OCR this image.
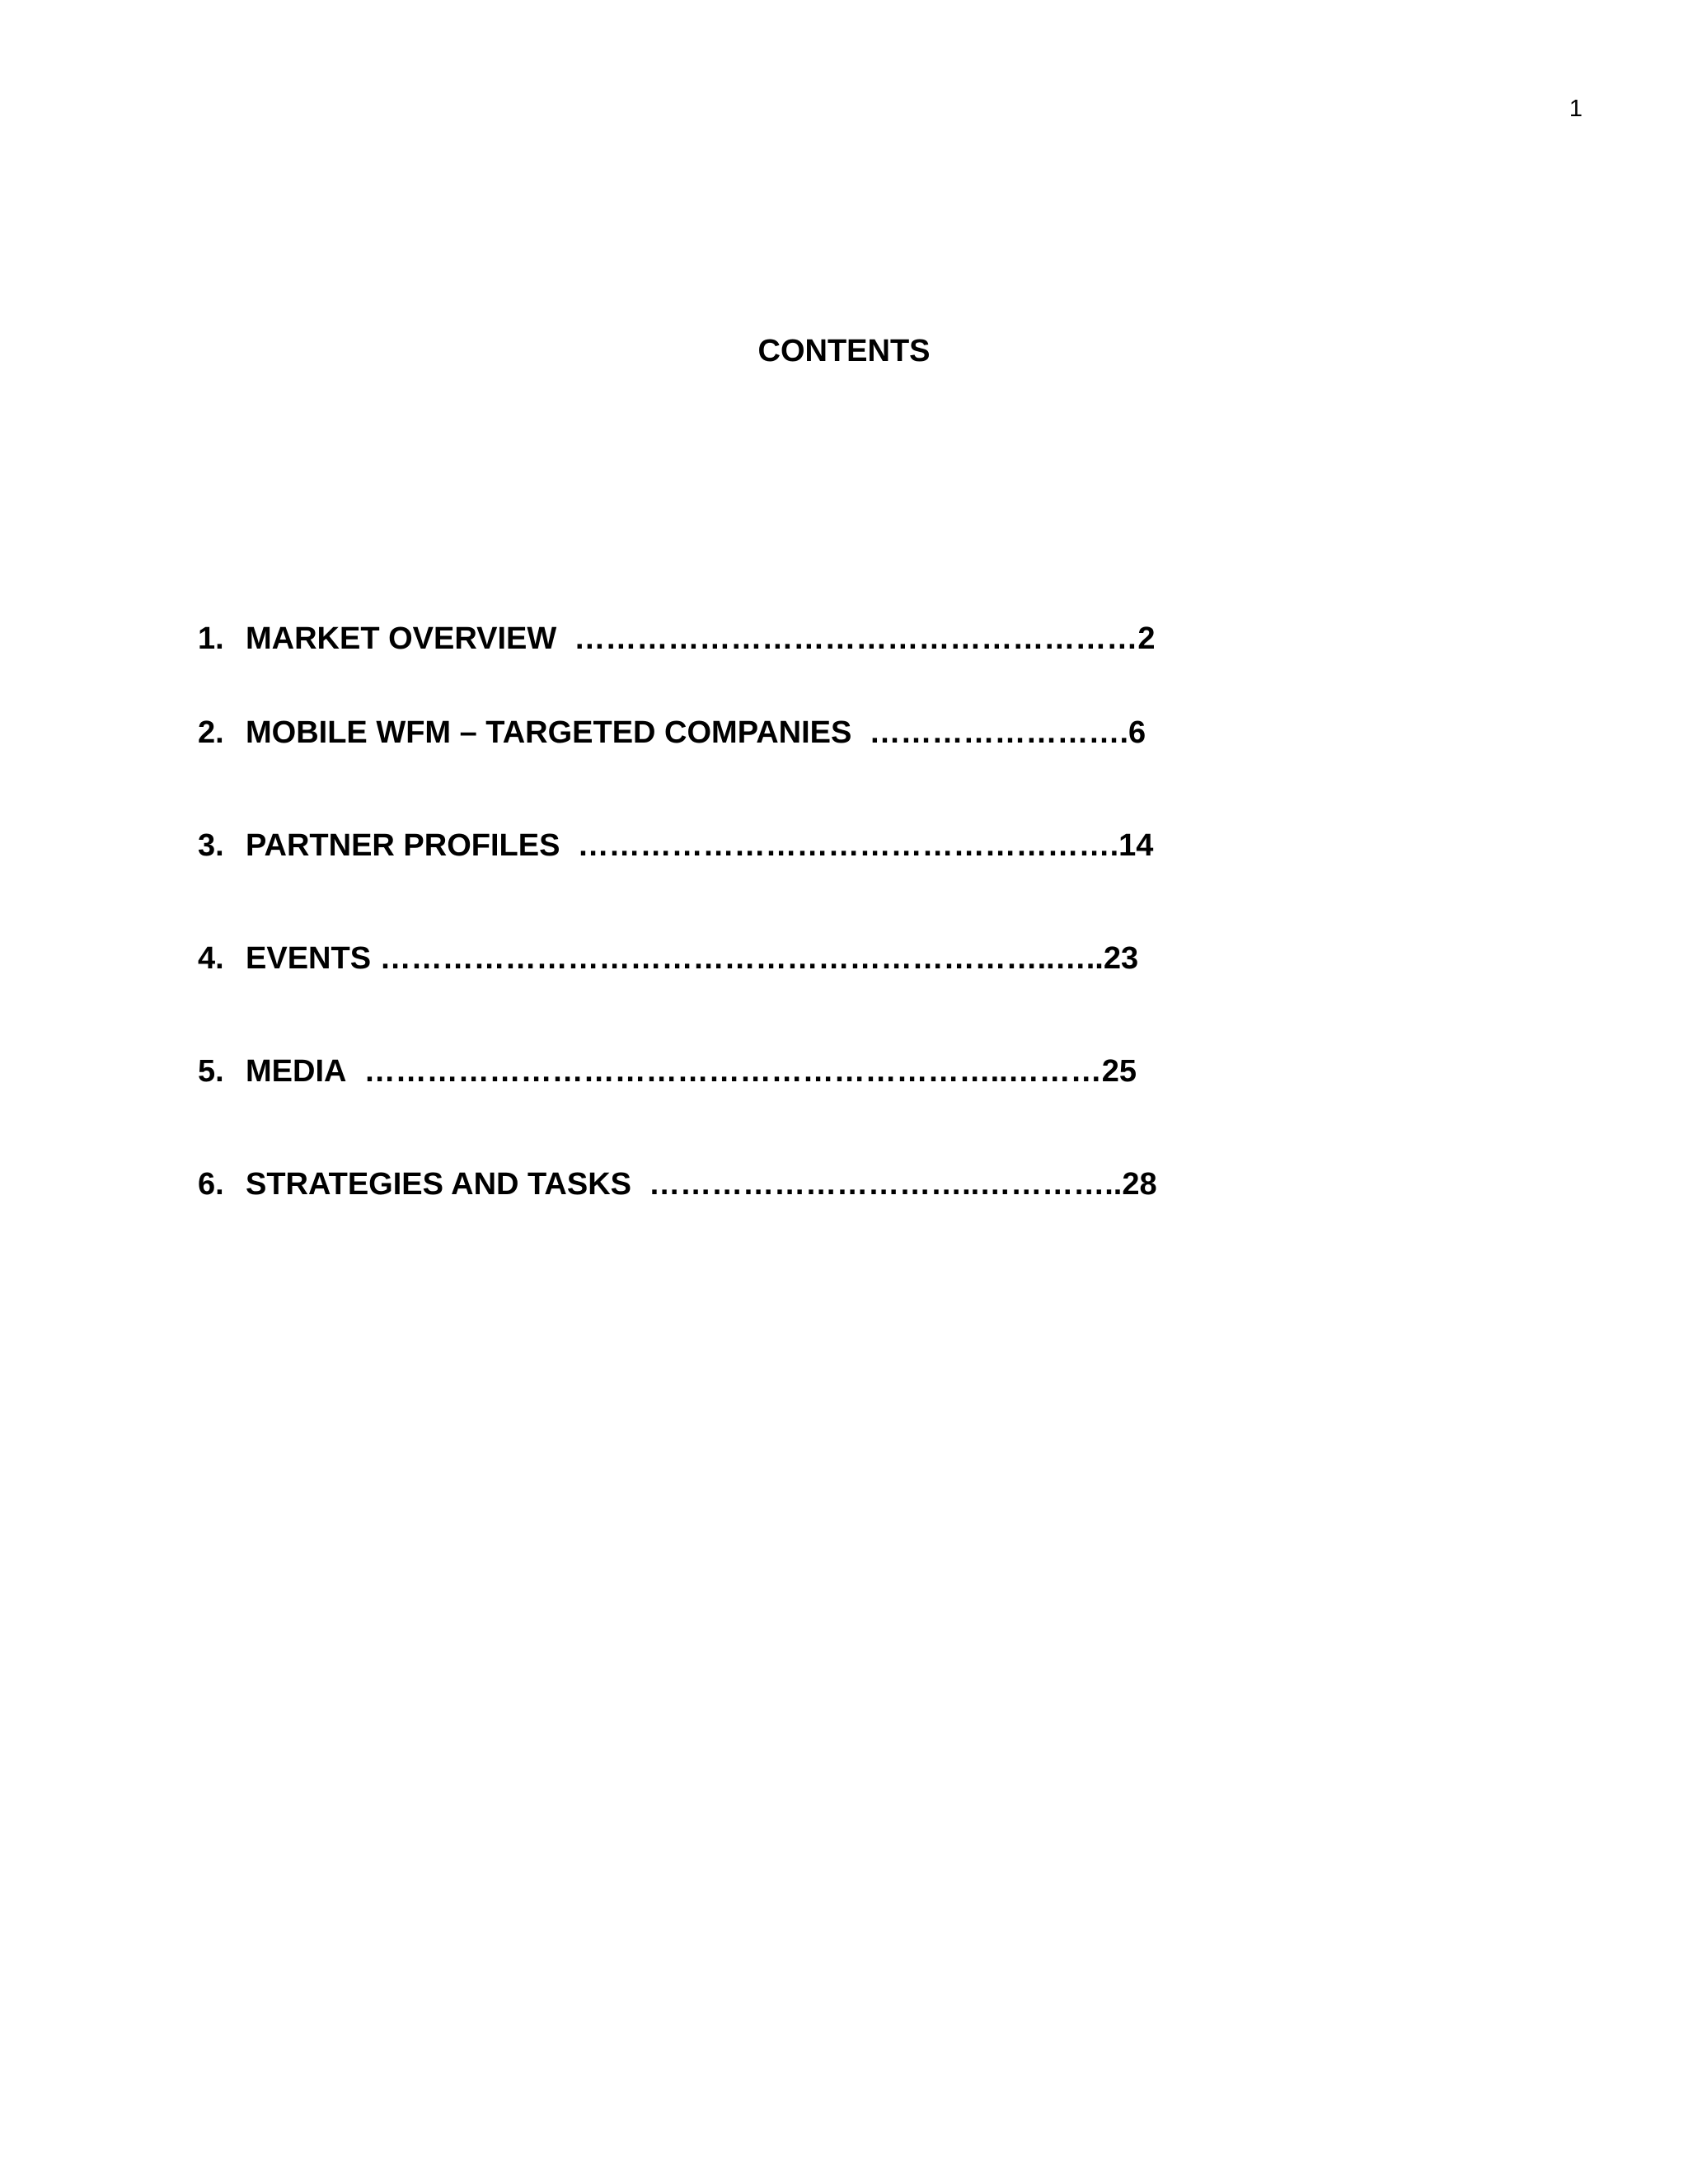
1
CONTENTS
1. MARKET OVERVIEW ………………………………………………2
2. MOBILE WFM – TARGETED COMPANIES …………………….6
3. PARTNER PROFILES …………………………………………….14
4. EVENTS ………………………………………………………..…..23
5. MEDIA ……………………………………………………..………25
6. STRATEGIES AND TASKS …………………………..…………..28
